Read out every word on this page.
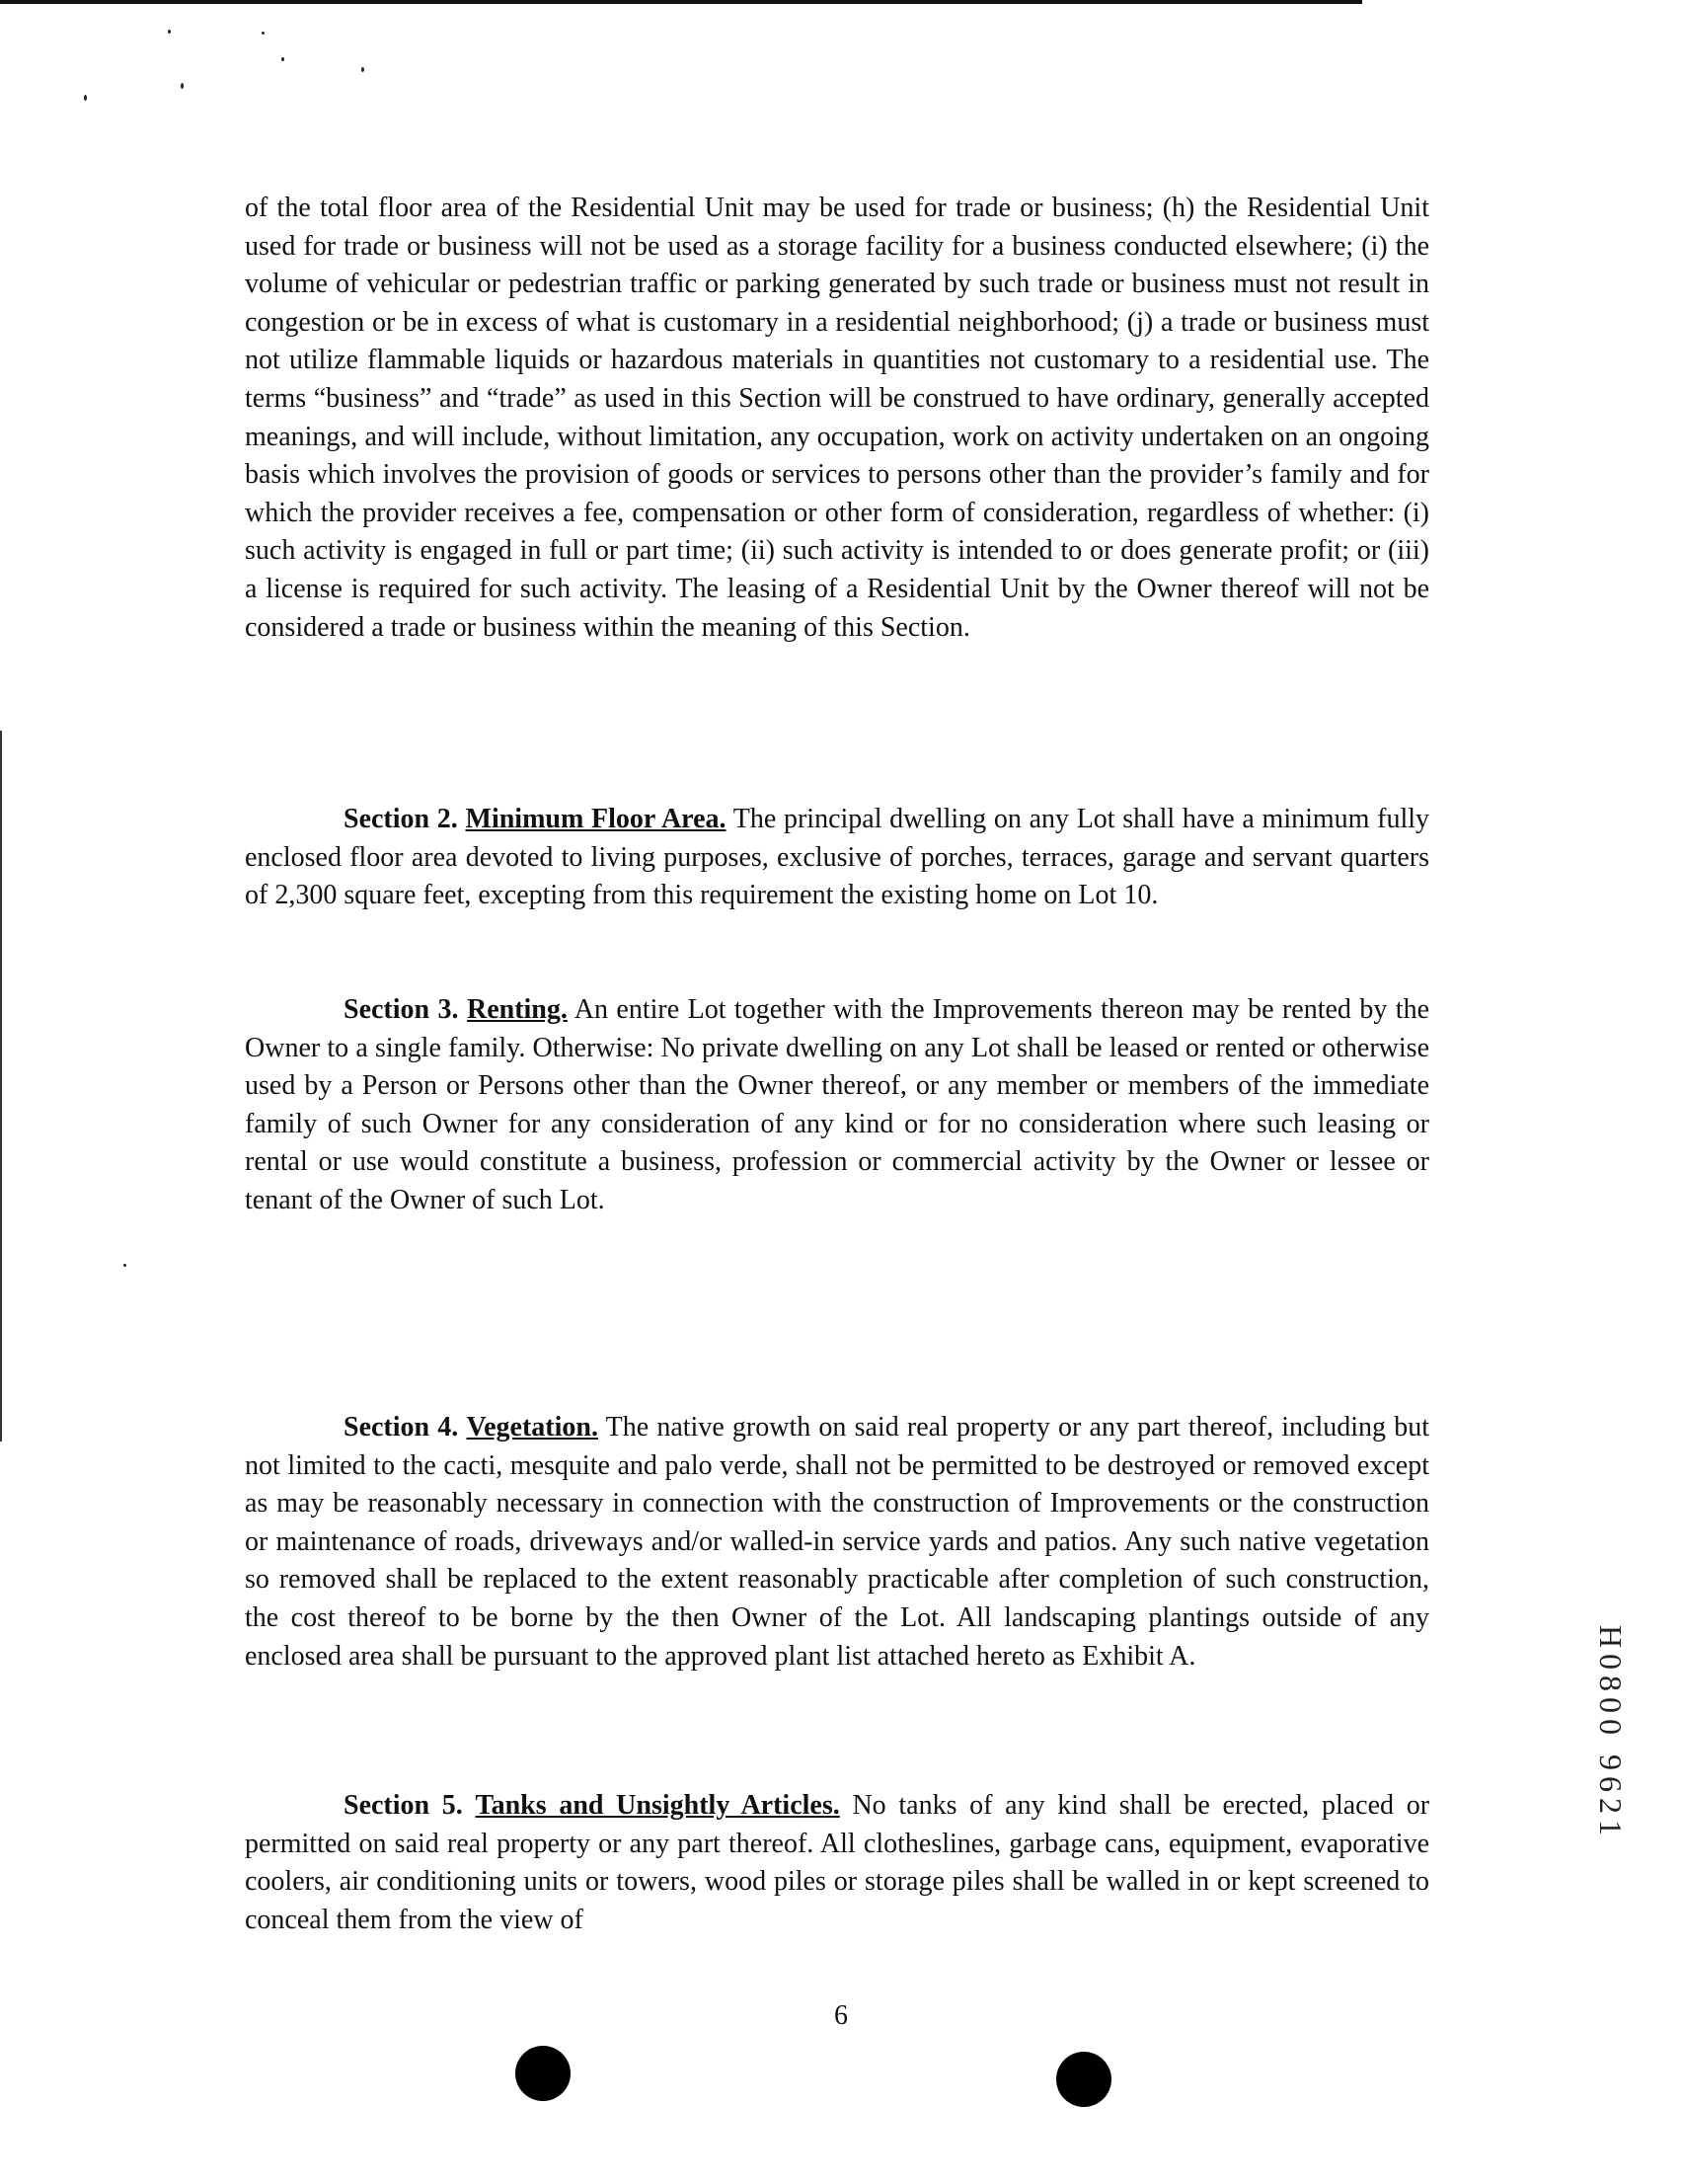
of the total floor area of the Residential Unit may be used for trade or business; (h) the Residential Unit used for trade or business will not be used as a storage facility for a business conducted elsewhere; (i) the volume of vehicular or pedestrian traffic or parking generated by such trade or business must not result in congestion or be in excess of what is customary in a residential neighborhood; (j) a trade or business must not utilize flammable liquids or hazardous materials in quantities not customary to a residential use. The terms “business” and “trade” as used in this Section will be construed to have ordinary, generally accepted meanings, and will include, without limitation, any occupation, work on activity undertaken on an ongoing basis which involves the provision of goods or services to persons other than the provider’s family and for which the provider receives a fee, compensation or other form of consideration, regardless of whether: (i) such activity is engaged in full or part time; (ii) such activity is intended to or does generate profit; or (iii) a license is required for such activity. The leasing of a Residential Unit by the Owner thereof will not be considered a trade or business within the meaning of this Section.

Section 2. Minimum Floor Area. The principal dwelling on any Lot shall have a minimum fully enclosed floor area devoted to living purposes, exclusive of porches, terraces, garage and servant quarters of 2,300 square feet, excepting from this requirement the existing home on Lot 10.

Section 3. Renting. An entire Lot together with the Improvements thereon may be rented by the Owner to a single family. Otherwise: No private dwelling on any Lot shall be leased or rented or otherwise used by a Person or Persons other than the Owner thereof, or any member or members of the immediate family of such Owner for any consideration of any kind or for no consideration where such leasing or rental or use would constitute a business, profession or commercial activity by the Owner or lessee or tenant of the Owner of such Lot.

Section 4. Vegetation. The native growth on said real property or any part thereof, including but not limited to the cacti, mesquite and palo verde, shall not be permitted to be destroyed or removed except as may be reasonably necessary in connection with the construction of Improvements or the construction or maintenance of roads, driveways and/or walled-in service yards and patios. Any such native vegetation so removed shall be replaced to the extent reasonably practicable after completion of such construction, the cost thereof to be borne by the then Owner of the Lot. All landscaping plantings outside of any enclosed area shall be pursuant to the approved plant list attached hereto as Exhibit A.

Section 5. Tanks and Unsightly Articles. No tanks of any kind shall be erected, placed or permitted on said real property or any part thereof. All clotheslines, garbage cans, equipment, evaporative coolers, air conditioning units or towers, wood piles or storage piles shall be walled in or kept screened to conceal them from the view of

6
H0800 9621
